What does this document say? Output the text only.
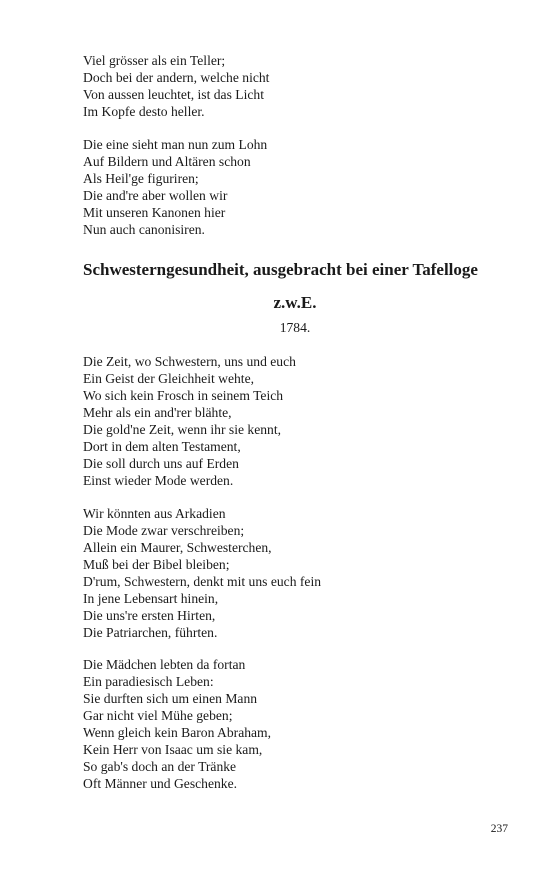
Viel grösser als ein Teller;
Doch bei der andern, welche nicht
Von aussen leuchtet, ist das Licht
Im Kopfe desto heller.
Die eine sieht man nun zum Lohn
Auf Bildern und Altären schon
Als Heil'ge figuriren;
Die and're aber wollen wir
Mit unseren Kanonen hier
Nun auch canonisiren.
Schwesterngesundheit, ausgebracht bei einer Tafelloge
z.w.E.

1784.

Die Zeit, wo Schwestern, uns und euch
Ein Geist der Gleichheit wehte,
Wo sich kein Frosch in seinem Teich
Mehr als ein and'rer blähte,
Die gold'ne Zeit, wenn ihr sie kennt,
Dort in dem alten Testament,
Die soll durch uns auf Erden
Einst wieder Mode werden.
Wir könnten aus Arkadien
Die Mode zwar verschreiben;
Allein ein Maurer, Schwesterchen,
Muß bei der Bibel bleiben;
D'rum, Schwestern, denkt mit uns euch fein
In jene Lebensart hinein,
Die uns're ersten Hirten,
Die Patriarchen, führten.
Die Mädchen lebten da fortan
Ein paradiesisch Leben:
Sie durften sich um einen Mann
Gar nicht viel Mühe geben;
Wenn gleich kein Baron Abraham,
Kein Herr von Isaac um sie kam,
So gab's doch an der Tränke
Oft Männer und Geschenke.

237
